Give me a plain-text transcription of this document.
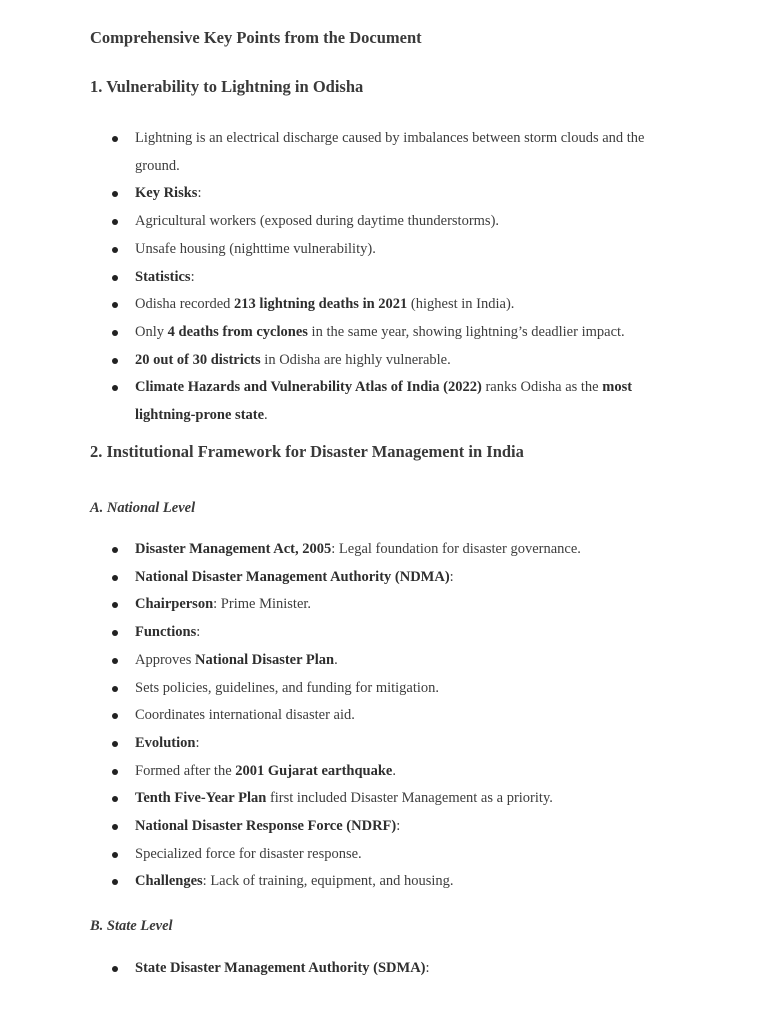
Comprehensive Key Points from the Document
1. Vulnerability to Lightning in Odisha
Lightning is an electrical discharge caused by imbalances between storm clouds and the ground.
Key Risks:
Agricultural workers (exposed during daytime thunderstorms).
Unsafe housing (nighttime vulnerability).
Statistics:
Odisha recorded 213 lightning deaths in 2021 (highest in India).
Only 4 deaths from cyclones in the same year, showing lightning’s deadlier impact.
20 out of 30 districts in Odisha are highly vulnerable.
Climate Hazards and Vulnerability Atlas of India (2022) ranks Odisha as the most lightning-prone state.
2. Institutional Framework for Disaster Management in India
A. National Level
Disaster Management Act, 2005: Legal foundation for disaster governance.
National Disaster Management Authority (NDMA):
Chairperson: Prime Minister.
Functions:
Approves National Disaster Plan.
Sets policies, guidelines, and funding for mitigation.
Coordinates international disaster aid.
Evolution:
Formed after the 2001 Gujarat earthquake.
Tenth Five-Year Plan first included Disaster Management as a priority.
National Disaster Response Force (NDRF):
Specialized force for disaster response.
Challenges: Lack of training, equipment, and housing.
B. State Level
State Disaster Management Authority (SDMA):
